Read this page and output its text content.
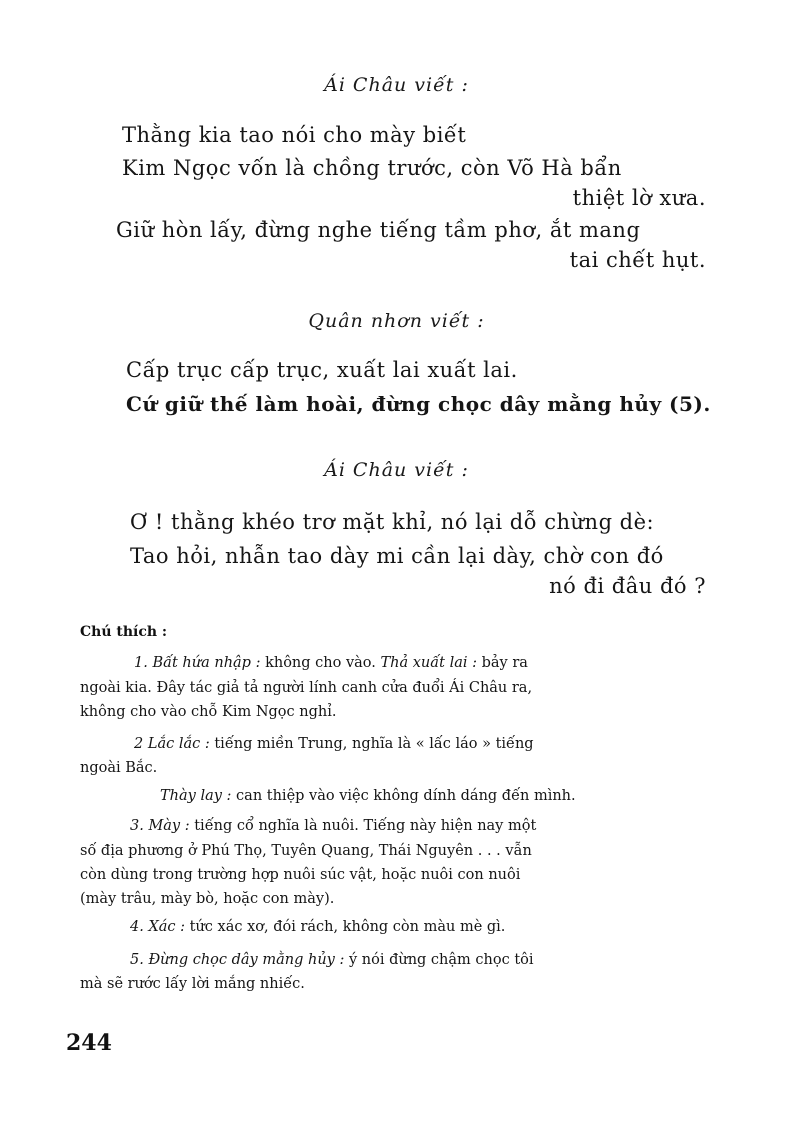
Ái Châu viết :
Thằng kia tao nói cho mày biết
Kim Ngọc vốn là chồng trước, còn Võ Hà bẩn
thiệt lờ xưa.
Giữ hòn lấy, đừng nghe tiếng tầm phơ, ắt mang
tai chết hụt.
Quân nhơn viết :
Cấp trục cấp trục, xuất lai xuất lai.
Cứ giữ thế làm hoài, đừng chọc dây mằng hủy (5).
Ái Châu viết :
Ơ ! thằng khéo trơ mặt khỉ, nó lại dỗ chừng dè:
Tao hỏi, nhẫn tao dày mi cần lại dày, chờ con đó
nó đi đâu đó ?
Chú thích :
1. Bất hứa nhập : không cho vào. Thả xuất lai : bảy ra
ngoài kia. Đây tác giả tả người lính canh cửa đuổi Ái Châu ra,
không cho vào chỗ Kim Ngọc nghỉ.
2 Lắc lắc : tiếng miền Trung, nghĩa là « lấc láo » tiếng
ngoài Bắc.
Thày lay : can thiệp vào việc không dính dáng đến mình.
3. Mày : tiếng cổ nghĩa là nuôi. Tiếng này hiện nay một
số địa phương ở Phú Thọ, Tuyên Quang, Thái Nguyên . . . vẫn
còn dùng trong trường hợp nuôi súc vật, hoặc nuôi con nuôi
(mày trâu, mày bò, hoặc con mày).
4. Xác : tức xác xơ, đói rách, không còn màu mè gì.
5. Đừng chọc dây mằng hủy : ý nói đừng chậm chọc tôi
mà sẽ rước lấy lời mắng nhiếc.
244
